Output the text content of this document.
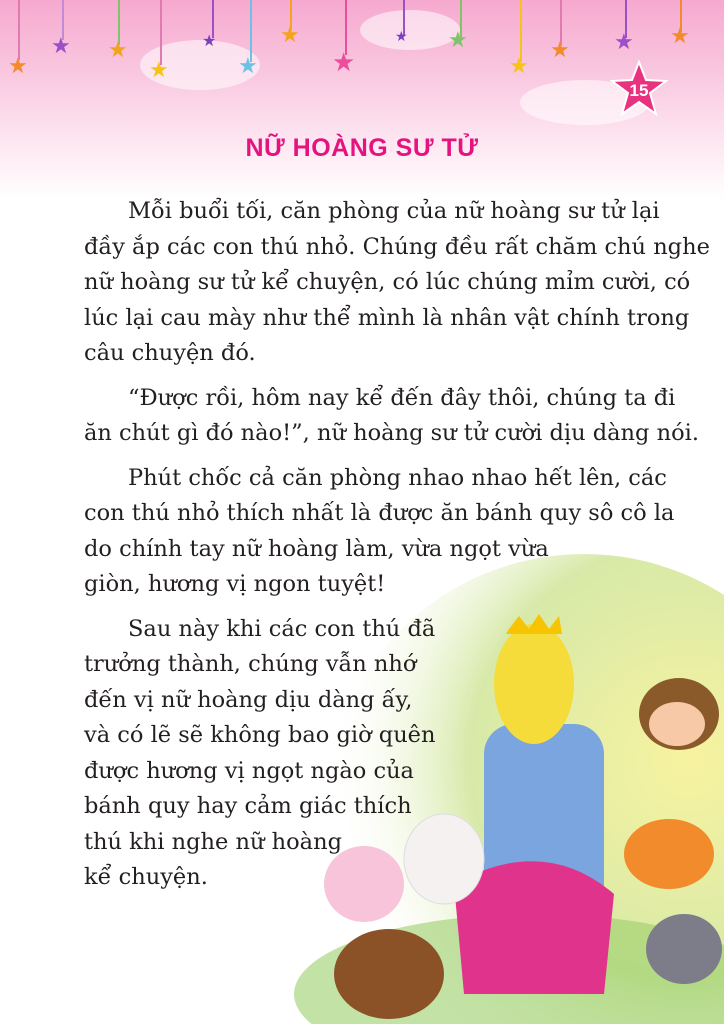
★
★ ★
★
★
★
★
★
★ ★
★
★ ★ ★
15
NỮ HOÀNG SƯ TỬ

Mỗi buổi tối, căn phòng của nữ hoàng sư tử lại
đầy ắp các con thú nhỏ. Chúng đều rất chăm chú nghe
nữ hoàng sư tử kể chuyện, có lúc chúng mỉm cười, có
lúc lại cau mày như thể mình là nhân vật chính trong
câu chuyện đó.

“Được rồi, hôm nay kể đến đây thôi, chúng ta đi
ăn chút gì đó nào!”, nữ hoàng sư tử cười dịu dàng nói.

Phút chốc cả căn phòng nhao nhao hết lên, các
con thú nhỏ thích nhất là được ăn bánh quy sô cô la
do chính tay nữ hoàng làm, vừa ngọt vừa
giòn, hương vị ngon tuyệt!

Sau này khi các con thú đã
trưởng thành, chúng vẫn nhớ
đến vị nữ hoàng dịu dàng ấy,
và có lẽ sẽ không bao giờ quên
được hương vị ngọt ngào của
bánh quy hay cảm giác thích
thú khi nghe nữ hoàng
kể chuyện.
